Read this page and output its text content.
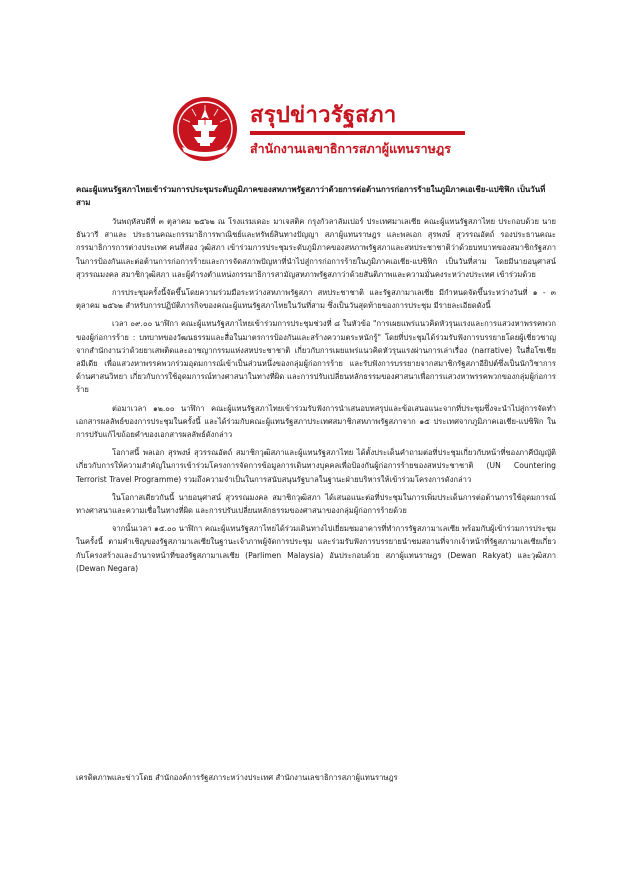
สรุปข่าวรัฐสภา
สำนักงานเลขาธิการสภาผู้แทนราษฎร

คณะผู้แทนรัฐสภาไทยเข้าร่วมการประชุมระดับภูมิภาคของสหภาพรัฐสภาว่าด้วยการต่อต้านการก่อการร้ายในภูมิภาคเอเชีย-แปซิฟิก เป็นวันที่สาม

วันพฤหัสบดีที่ ๓ ตุลาคม ๒๕๖๒ ณ โรงแรมเดอะ มาเจสติค กรุงกัวลาลัมเปอร์ ประเทศมาเลเซีย คณะผู้แทนรัฐสภาไทย ประกอบด้วย นายธันวารี สาและ ประธานคณะกรรมาธิการพาณิชย์และทรัพย์สินทางปัญญา สภาผู้แทนราษฎร และพลเอก สุรพงษ์ สุวรรณอัตถ์ รองประธานคณะกรรมาธิการการต่างประเทศ คนที่สอง วุฒิสภา เข้าร่วมการประชุมระดับภูมิภาคของสหภาพรัฐสภาและสหประชาชาติว่าด้วยบทบาทของสมาชิกรัฐสภาในการป้องกันและต่อต้านการก่อการร้ายและการจัดสภาพปัญหาที่นำไปสู่การก่อการร้ายในภูมิภาคเอเชีย-แปซิฟิก เป็นวันที่สาม โดยมีนายอนุศาสน์ สุวรรณมงคล สมาชิกวุฒิสภา และผู้ดำรงตำแหน่งกรรมาธิการสามัญสหภาพรัฐสภาว่าด้วยสันติภาพและความมั่นคงระหว่างประเทศ เข้าร่วมด้วย

การประชุมครั้งนี้จัดขึ้นโดยความร่วมมือระหว่างสหภาพรัฐสภา สหประชาชาติ และรัฐสภามาเลเซีย มีกำหนดจัดขึ้นระหว่างวันที่ ๑ - ๓ ตุลาคม ๒๕๖๒ สำหรับการปฏิบัติภารกิจของคณะผู้แทนรัฐสภาไทยในวันที่สาม ซึ่งเป็นวันสุดท้ายของการประชุม มีรายละเอียดดังนี้

เวลา ๐๙.๐๐ นาฬิกา คณะผู้แทนรัฐสภาไทยเข้าร่วมการประชุมช่วงที่ ๘ ในหัวข้อ "การเผยแพร่แนวคิดหัวรุนแรงและการแสวงหาพรรคพวกของผู้ก่อการร้าย : บทบาทของวัฒนธรรมและสื่อในมาตรการป้องกันและสร้างความตระหนักรู้" โดยที่ประชุมได้ร่วมรับฟังการบรรยายโดยผู้เชี่ยวชาญจากสำนักงานว่าด้วยยาเสพติดและอาชญากรรมแห่งสหประชาชาติ เกี่ยวกับการเผยแพร่แนวคิดหัวรุนแรงผ่านการเล่าเรื่อง (narrative) ในสื่อโซเชียลมีเดีย เพื่อแสวงหาพรรคพวกร่วมอุดมการณ์เข้าเป็นส่วนหนึ่งของกลุ่มผู้ก่อการร้าย และรับฟังการบรรยายจากสมาชิกรัฐสภาอียิปต์ซึ่งเป็นนักวิชาการด้านศาสนวิทยา เกี่ยวกับการใช้อุดมการณ์ทางศาสนาในทางที่ผิด และการปรับเปลี่ยนหลักธรรมของศาสนาเพื่อการแสวงหาพรรคพวกของกลุ่มผู้ก่อการร้าย

ต่อมาเวลา ๑๒.๐๐ นาฬิกา คณะผู้แทนรัฐสภาไทยเข้าร่วมรับฟังการนำเสนอบทสรุปและข้อเสนอแนะจากที่ประชุมซึ่งจะนำไปสู่การจัดทำเอกสารผลลัพธ์ของการประชุมในครั้งนี้ และได้ร่วมกับคณะผู้แทนรัฐสภาประเทศสมาชิกสหภาพรัฐสภาจาก ๑๕ ประเทศจากภูมิภาคเอเชีย-แปซิฟิก ในการปรับแก้ไขถ้อยคำของเอกสารผลลัพธ์ดังกล่าว

โอกาสนี้ พลเอก สุรพงษ์ สุวรรณอัตถ์ สมาชิกวุฒิสภาและผู้แทนรัฐสภาไทย ได้ตั้งประเด็นคำถามต่อที่ประชุมเกี่ยวกับหน้าที่ของภาคีบัญญัติเกี่ยวกับการให้ความสำคัญในการเข้าร่วมโครงการจัดการข้อมูลการเดินทางบุคคลเพื่อป้องกันผู้ก่อการร้ายของสหประชาชาติ (UN Countering Terrorist Travel Programme) รวมถึงความจำเป็นในการสนับสนุนรัฐบาลในฐานะฝ่ายบริหารให้เข้าร่วมโครงการดังกล่าว

ในโอกาสเดียวกันนี้ นายอนุศาสน์ สุวรรณมงคล สมาชิกวุฒิสภา ได้เสนอแนะต่อที่ประชุมในการเพิ่มประเด็นการต่อต้านการใช้อุดมการณ์ทางศาสนาและความเชื่อในทางที่ผิด และการปรับเปลี่ยนหลักธรรมของศาสนาของกลุ่มผู้ก่อการร้ายด้วย

จากนั้นเวลา ๑๕.๐๐ นาฬิกา คณะผู้แทนรัฐสภาไทยได้ร่วมเดินทางไปเยี่ยมชมอาคารที่ทำการรัฐสภามาเลเซีย พร้อมกับผู้เข้าร่วมการประชุมในครั้งนี้ ตามคำเชิญของรัฐสภามาเลเซียในฐานะเจ้าภาพผู้จัดการประชุม และร่วมรับฟังการบรรยายนำชมสถานที่จากเจ้าหน้าที่รัฐสภามาเลเซียเกี่ยวกับโครงสร้างและอำนาจหน้าที่ของรัฐสภามาเลเซีย (Parlimen Malaysia) อันประกอบด้วย สภาผู้แทนราษฎร (Dewan Rakyat) และวุฒิสภา (Dewan Negara)

เครดิตภาพและข่าวโดย สำนักองค์การรัฐสภาระหว่างประเทศ สำนักงานเลขาธิการสภาผู้แทนราษฎร
